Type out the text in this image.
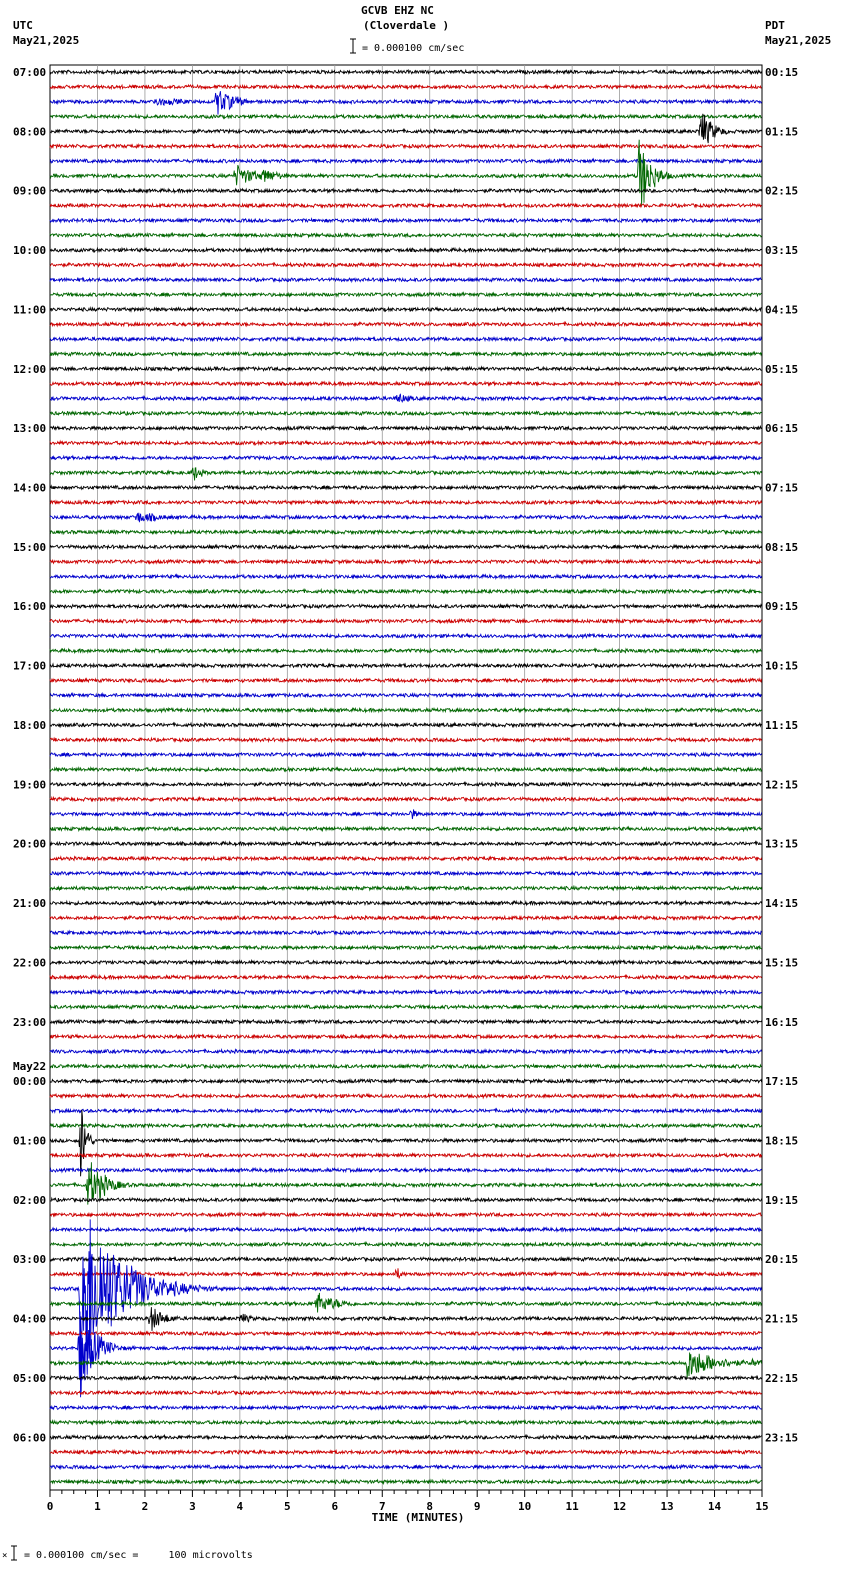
GCVB EHZ NC
(Cloverdale )
UTC
May21,2025
PDT
May21,2025
= 0.000100 cm/sec
07:00
08:00
09:00
10:00
11:00
12:00
13:00
14:00
15:00
16:00
17:00
18:00
19:00
20:00
21:00
22:00
23:00
00:00
May22
01:00
02:00
03:00
04:00
05:00
06:00
00:15
01:15
02:15
03:15
04:15
05:15
06:15
07:15
08:15
09:15
10:15
11:15
12:15
13:15
14:15
15:15
16:15
17:15
18:15
19:15
20:15
21:15
22:15
23:15
0	1	2	3	4	5	6	7	8	9	10	11	12	13	14	15
TIME (MINUTES)
× = 0.000100 cm/sec =     100 microvolts
